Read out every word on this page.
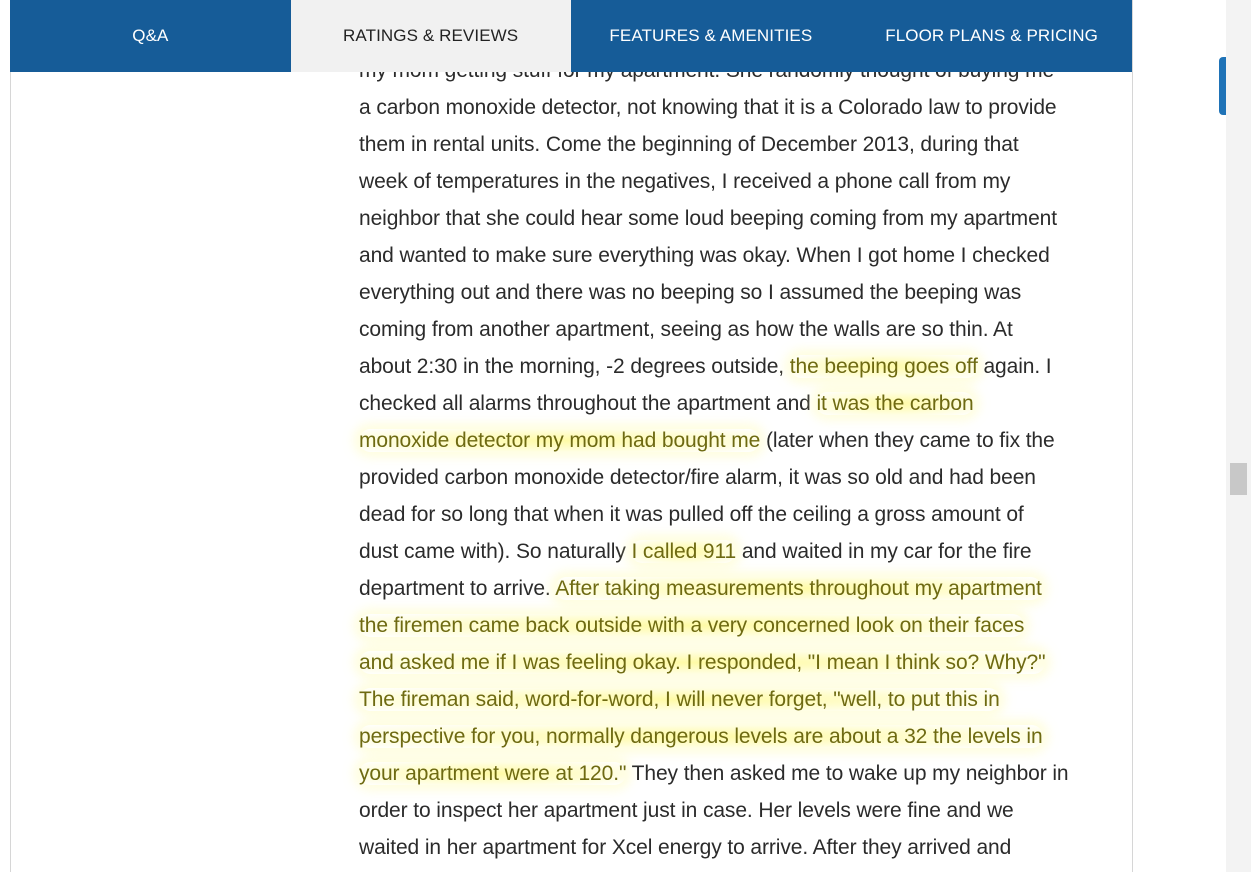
a carbon monoxide detector, not knowing that it is a Colorado law to provide

them in rental units. Come the beginning of December 2013, during that

week of temperatures in the negatives, I received a phone call from my

neighbor that she could hear some loud beeping coming from my apartment

and wanted to make sure everything was okay. When I got home I checked

everything out and there was no beeping so I assumed the beeping was

coming from another apartment, seeing as how the walls are so thin. At

about 2:30 in the morning, -2 degrees outside, the beeping goes off again. I

checked all alarms throughout the apartment and it was the carbon

monoxide detector my mom had bought me (later when they came to fix the

provided carbon monoxide detector/fire alarm, it was so old and had been

dead for so long that when it was pulled off the ceiling a gross amount of

dust came with). So naturally I called 911 and waited in my car for the fire

department to arrive. After taking measurements throughout my apartment

the firemen came back outside with a very concerned look on their faces

and asked me if I was feeling okay. I responded, "I mean I think so? Why?"

The fireman said, word-for-word, I will never forget, "well, to put this in

perspective for you, normally dangerous levels are about a 32 the levels in

your apartment were at 120." They then asked me to wake up my neighbor in

order to inspect her apartment just in case. Her levels were fine and we

waited in her apartment for Xcel energy to arrive. After they arrived and

Q&A	RATINGS & REVIEWS	FEATURES & AMENITIES	FLOOR PLANS & PRICING
